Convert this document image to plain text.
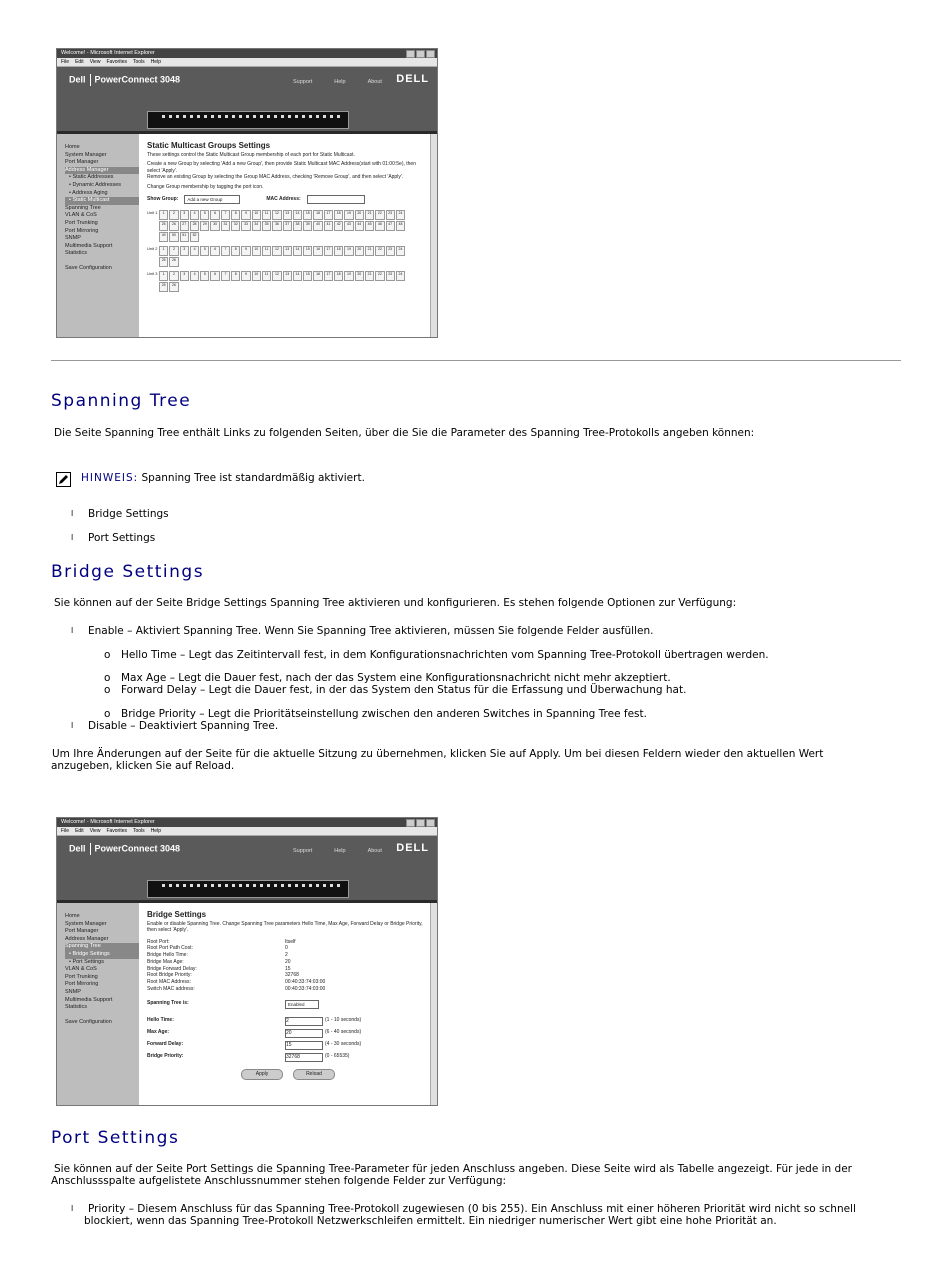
Welcome! - Microsoft Internet Explorer
File Edit View Favorites Tools Help
Dell PowerConnect 3048	Support	Help	About DELL
Home
System Manager
Port Manager
Address Manager
• Static Addresses
• Dynamic Addresses
• Address Aging
• Static Multicast
Spanning Tree
VLAN & CoS
Port Trunking
Port Mirroring
SNMP
Multimedia Support
Statistics
Save Configuration
Static Multicast Groups Settings
These settings control the Static Multicast Group membership of each port for Static Multicast.
Create a new Group by selecting 'Add a new Group', then provide Static Multicast MAC Address(start with 01:00:5e), then select 'Apply'.
Remove an existing Group by selecting the Group MAC Address, checking 'Remove Group', and then select 'Apply'.
Change Group membership by tagging the port icon.
Show Group:	Add a new Group	MAC Address:
Unit 1	1	2	3	4	5	6	7	8	9	10	11	12	13	14	15	16	17	18	19	20	21	22	23	24
25	26	27	28	29	30	31	32	33	34	35	36	37	38	39	40	41	42	43	44	45	46	47	48
49	50	51	52
Unit 2	1	2	3	4	5	6	7	8	9	10	11	12	13	14	15	16	17	18	19	20	21	22	23	24
25	26
Unit 3	1	2	3	4	5	6	7	8	9	10	11	12	13	14	15	16	17	18	19	20	21	22	23	24
25	26
Spanning Tree
Die Seite Spanning Tree enthält Links zu folgenden Seiten, über die Sie die Parameter des Spanning Tree-Protokolls angeben können:
HINWEIS: Spanning Tree ist standardmäßig aktiviert.
l Bridge Settings
l Port Settings
Bridge Settings
Sie können auf der Seite Bridge Settings Spanning Tree aktivieren und konfigurieren. Es stehen folgende Optionen zur Verfügung:
l Enable – Aktiviert Spanning Tree. Wenn Sie Spanning Tree aktivieren, müssen Sie folgende Felder ausfüllen.
o Hello Time – Legt das Zeitintervall fest, in dem Konfigurationsnachrichten vom Spanning Tree-Protokoll übertragen werden.
o Max Age – Legt die Dauer fest, nach der das System eine Konfigurationsnachricht nicht mehr akzeptiert.
o Forward Delay – Legt die Dauer fest, in der das System den Status für die Erfassung und Überwachung hat.
o Bridge Priority – Legt die Prioritätseinstellung zwischen den anderen Switches in Spanning Tree fest.
l Disable – Deaktiviert Spanning Tree.
Um Ihre Änderungen auf der Seite für die aktuelle Sitzung zu übernehmen, klicken Sie auf Apply. Um bei diesen Feldern wieder den aktuellen Wert
anzugeben, klicken Sie auf Reload.
Welcome! - Microsoft Internet Explorer
File Edit View Favorites Tools Help
Dell PowerConnect 3048	Support	Help	About DELL
Home
System Manager
Port Manager
Address Manager
Spanning Tree
• Bridge Settings
• Port Settings
VLAN & CoS
Port Trunking
Port Mirroring
SNMP
Multimedia Support
Statistics
Save Configuration
Bridge Settings
Enable or disable Spanning Tree. Change Spanning Tree parameters Hello Time, Max Age, Forward Delay or Bridge Priority, then select 'Apply'.
Root Port:	Itself
Root Port Path Cost:	0
Bridge Hello Time:	2
Bridge Max Age:	20
Bridge Forward Delay:	15
Root Bridge Priority:	32768
Root MAC Address:	00:40:33:74:03:00
Switch MAC address:	00:40:33:74:03:00
Spanning Tree is:	Enabled
Hello Time:	2	(1 - 10 seconds)
Max Age:	20	(6 - 40 seconds)
Forward Delay:	15	(4 - 30 seconds)
Bridge Priority:	32768	(0 - 65535)
Apply	Reload
Port Settings
Sie können auf der Seite Port Settings die Spanning Tree-Parameter für jeden Anschluss angeben. Diese Seite wird als Tabelle angezeigt. Für jede in der
Anschlussspalte aufgelistete Anschlussnummer stehen folgende Felder zur Verfügung:
l Priority – Diesem Anschluss für das Spanning Tree-Protokoll zugewiesen (0 bis 255). Ein Anschluss mit einer höheren Priorität wird nicht so schnell
blockiert, wenn das Spanning Tree-Protokoll Netzwerkschleifen ermittelt. Ein niedriger numerischer Wert gibt eine hohe Priorität an.
